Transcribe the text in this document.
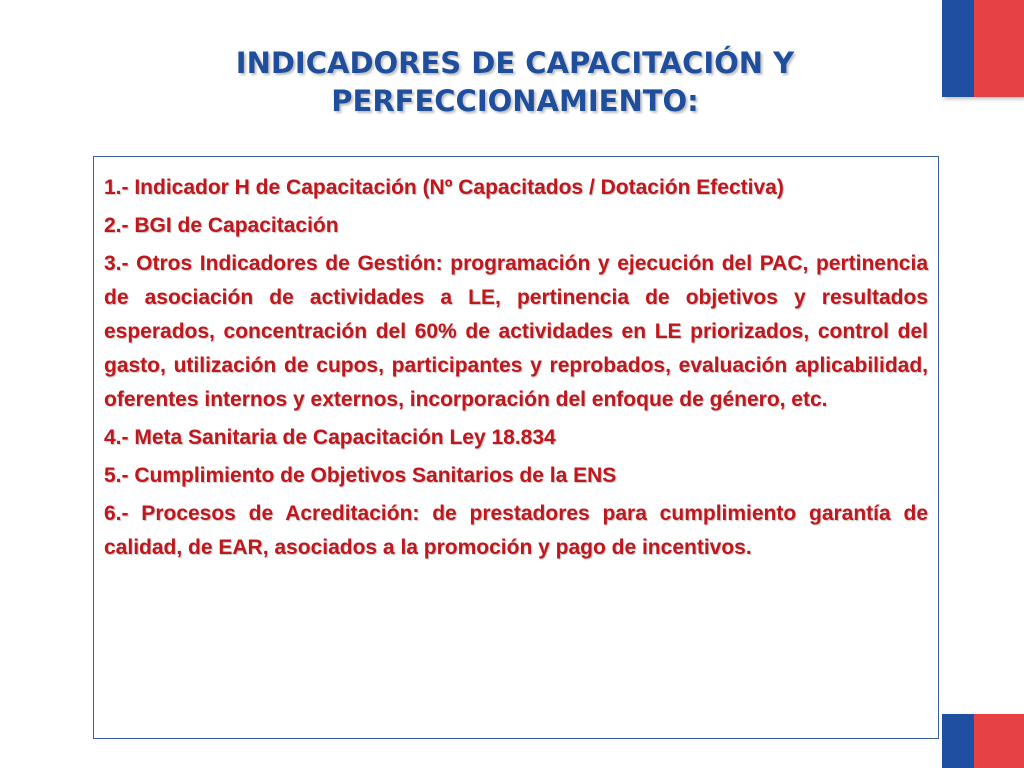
INDICADORES DE CAPACITACIÓN Y PERFECCIONAMIENTO:

1.- Indicador H de Capacitación (Nº Capacitados / Dotación Efectiva)

2.- BGI de Capacitación

3.- Otros Indicadores de Gestión: programación y ejecución del PAC, pertinencia de asociación de actividades a LE, pertinencia de objetivos y resultados esperados, concentración del 60% de actividades en LE priorizados, control del gasto, utilización de cupos, participantes y reprobados, evaluación aplicabilidad, oferentes internos y externos, incorporación del enfoque de género, etc.

4.- Meta Sanitaria de Capacitación Ley 18.834

5.- Cumplimiento de Objetivos Sanitarios de la ENS

6.- Procesos de Acreditación: de prestadores para cumplimiento garantía de calidad, de EAR, asociados a la promoción y pago de incentivos.
